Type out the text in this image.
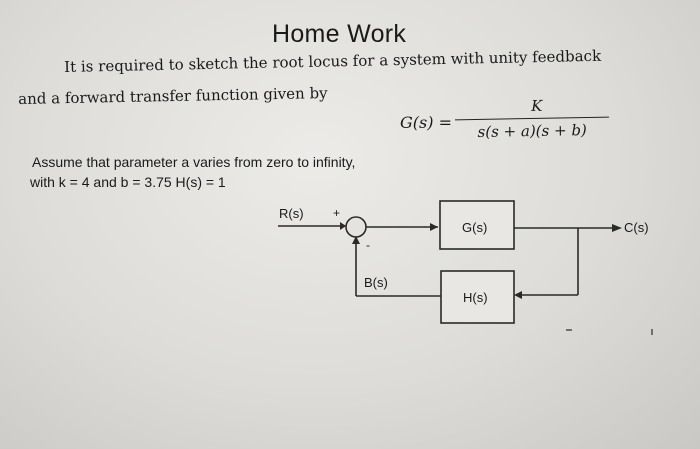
Home Work
It is required to sketch the root locus for a system with unity feedback
and a forward transfer function given by
G(s) =
K
s(s + a)(s + b)
Assume that parameter a varies from zero to infinity,
with k = 4 and b = 3.75 H(s) = 1
R(s) +
-
B(s)
G(s)
H(s)
C(s)
